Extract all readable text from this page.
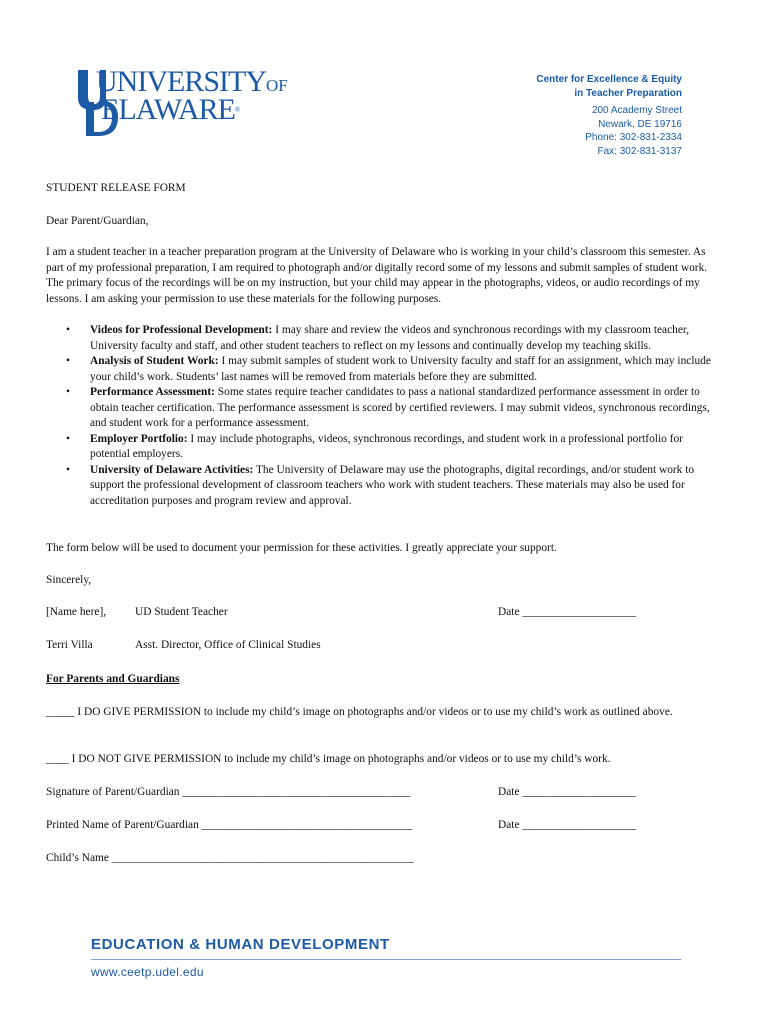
UNIVERSITYOF
ELAWARE®
Center for Excellence & Equity
in Teacher Preparation
200 Academy Street
Newark, DE 19716
Phone: 302-831-2334
Fax: 302-831-3137
STUDENT RELEASE FORM
Dear Parent/Guardian,
I am a student teacher in a teacher preparation program at the University of Delaware who is working in your child’s classroom this semester. As part of my professional preparation, I am required to photograph and/or digitally record some of my lessons and submit samples of student work. The primary focus of the recordings will be on my instruction, but your child may appear in the photographs, videos, or audio recordings of my lessons. I am asking your permission to use these materials for the following purposes.
• Videos for Professional Development: I may share and review the videos and synchronous recordings with my classroom teacher, University faculty and staff, and other student teachers to reflect on my lessons and continually develop my teaching skills.
• Analysis of Student Work: I may submit samples of student work to University faculty and staff for an assignment, which may include your child’s work. Students’ last names will be removed from materials before they are submitted.
• Performance Assessment: Some states require teacher candidates to pass a national standardized performance assessment in order to obtain teacher certification. The performance assessment is scored by certified reviewers. I may submit videos, synchronous recordings, and student work for a performance assessment.
• Employer Portfolio: I may include photographs, videos, synchronous recordings, and student work in a professional portfolio for potential employers.
• University of Delaware Activities: The University of Delaware may use the photographs, digital recordings, and/or student work to support the professional development of classroom teachers who work with student teachers. These materials may also be used for accreditation purposes and program review and approval.
The form below will be used to document your permission for these activities. I greatly appreciate your support.
Sincerely,
[Name here],	UD Student Teacher	Date ____________________
Terri Villa	Asst. Director, Office of Clinical Studies
For Parents and Guardians
_____ I DO GIVE PERMISSION to include my child’s image on photographs and/or videos or to use my child’s work as outlined above.
____ I DO NOT GIVE PERMISSION to include my child’s image on photographs and/or videos or to use my child’s work.
Signature of Parent/Guardian ________________________________________	Date ____________________
Printed Name of Parent/Guardian _____________________________________	Date ____________________
Child’s Name _____________________________________________________
EDUCATION & HUMAN DEVELOPMENT
www.ceetp.udel.edu
